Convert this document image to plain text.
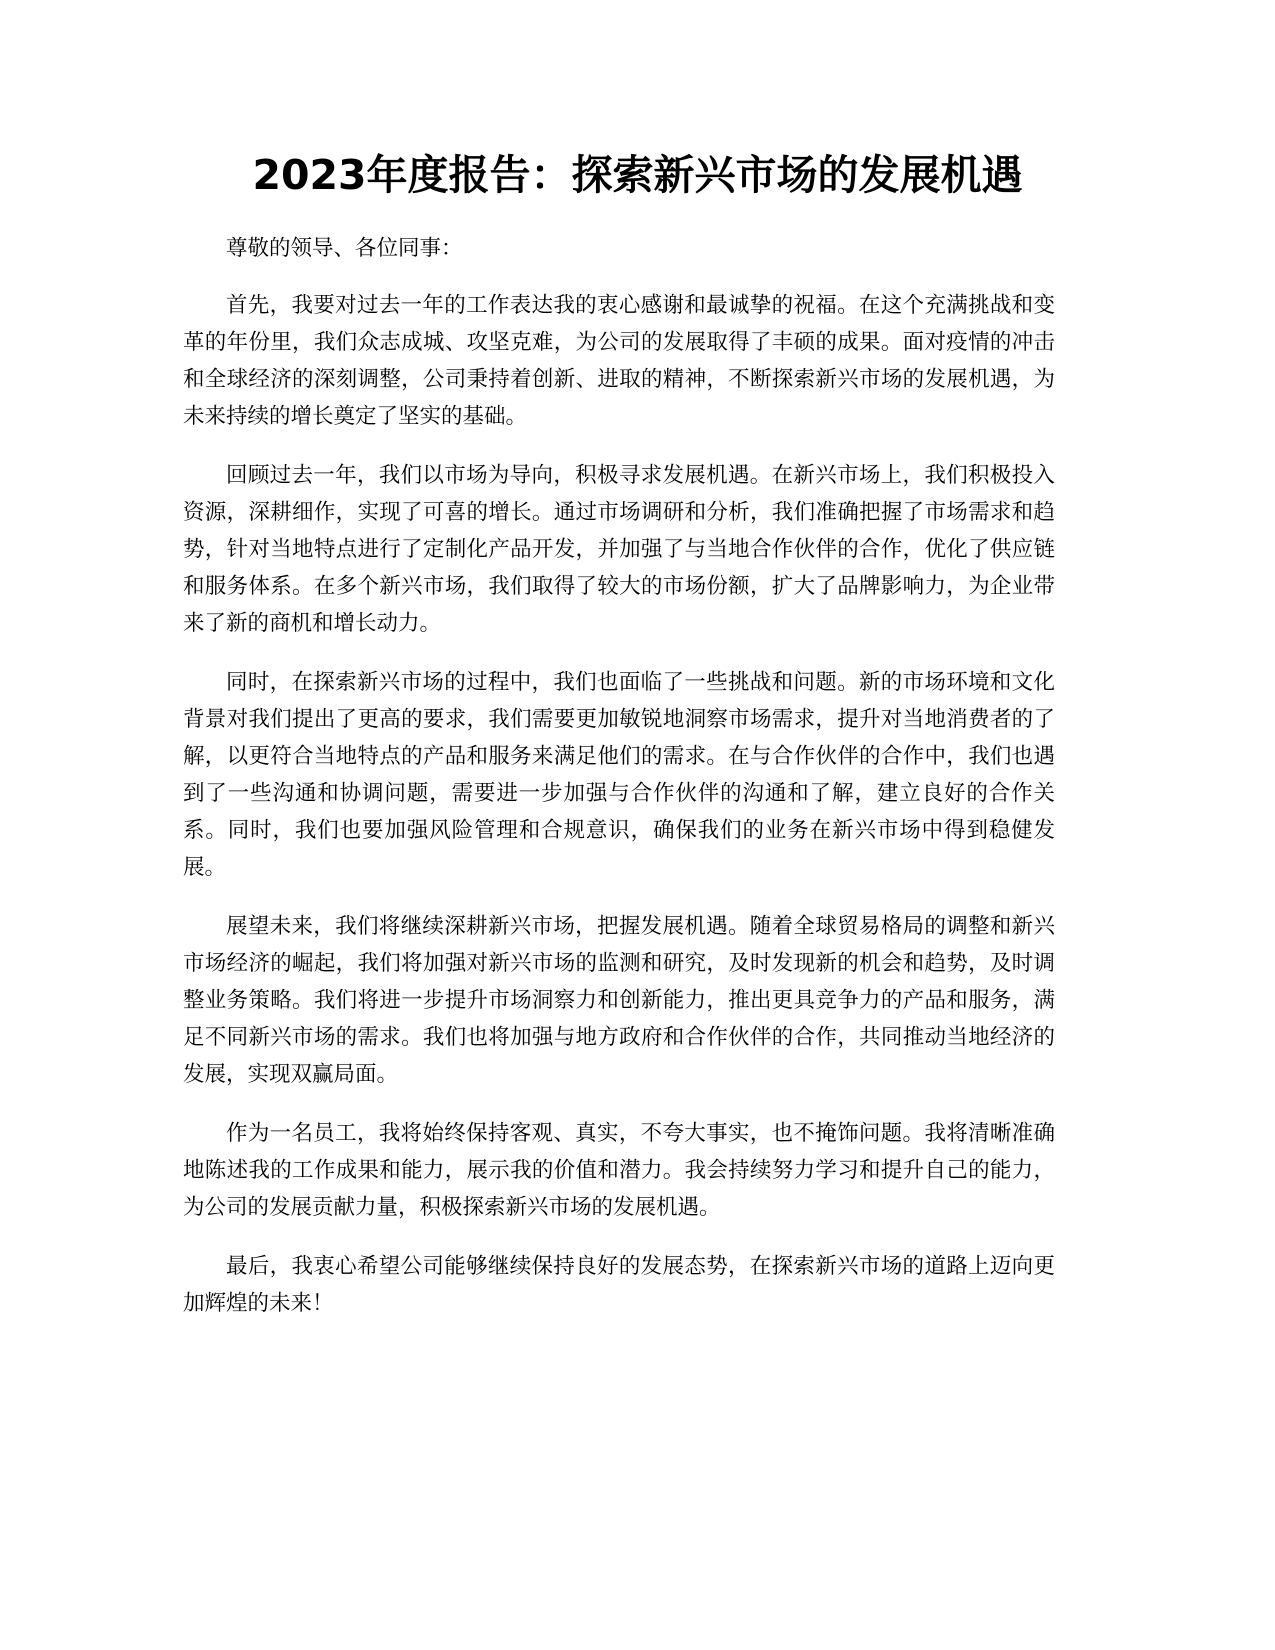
2023年度报告：探索新兴市场的发展机遇

尊敬的领导、各位同事：

首先，我要对过去一年的工作表达我的衷心感谢和最诚挚的祝福。在这个充满挑战和变革的年份里，我们众志成城、攻坚克难，为公司的发展取得了丰硕的成果。面对疫情的冲击和全球经济的深刻调整，公司秉持着创新、进取的精神，不断探索新兴市场的发展机遇，为未来持续的增长奠定了坚实的基础。

回顾过去一年，我们以市场为导向，积极寻求发展机遇。在新兴市场上，我们积极投入资源，深耕细作，实现了可喜的增长。通过市场调研和分析，我们准确把握了市场需求和趋势，针对当地特点进行了定制化产品开发，并加强了与当地合作伙伴的合作，优化了供应链和服务体系。在多个新兴市场，我们取得了较大的市场份额，扩大了品牌影响力，为企业带来了新的商机和增长动力。

同时，在探索新兴市场的过程中，我们也面临了一些挑战和问题。新的市场环境和文化背景对我们提出了更高的要求，我们需要更加敏锐地洞察市场需求，提升对当地消费者的了解，以更符合当地特点的产品和服务来满足他们的需求。在与合作伙伴的合作中，我们也遇到了一些沟通和协调问题，需要进一步加强与合作伙伴的沟通和了解，建立良好的合作关系。同时，我们也要加强风险管理和合规意识，确保我们的业务在新兴市场中得到稳健发展。

展望未来，我们将继续深耕新兴市场，把握发展机遇。随着全球贸易格局的调整和新兴市场经济的崛起，我们将加强对新兴市场的监测和研究，及时发现新的机会和趋势，及时调整业务策略。我们将进一步提升市场洞察力和创新能力，推出更具竞争力的产品和服务，满足不同新兴市场的需求。我们也将加强与地方政府和合作伙伴的合作，共同推动当地经济的发展，实现双赢局面。

作为一名员工，我将始终保持客观、真实，不夸大事实，也不掩饰问题。我将清晰准确地陈述我的工作成果和能力，展示我的价值和潜力。我会持续努力学习和提升自己的能力，为公司的发展贡献力量，积极探索新兴市场的发展机遇。

最后，我衷心希望公司能够继续保持良好的发展态势，在探索新兴市场的道路上迈向更加辉煌的未来！
